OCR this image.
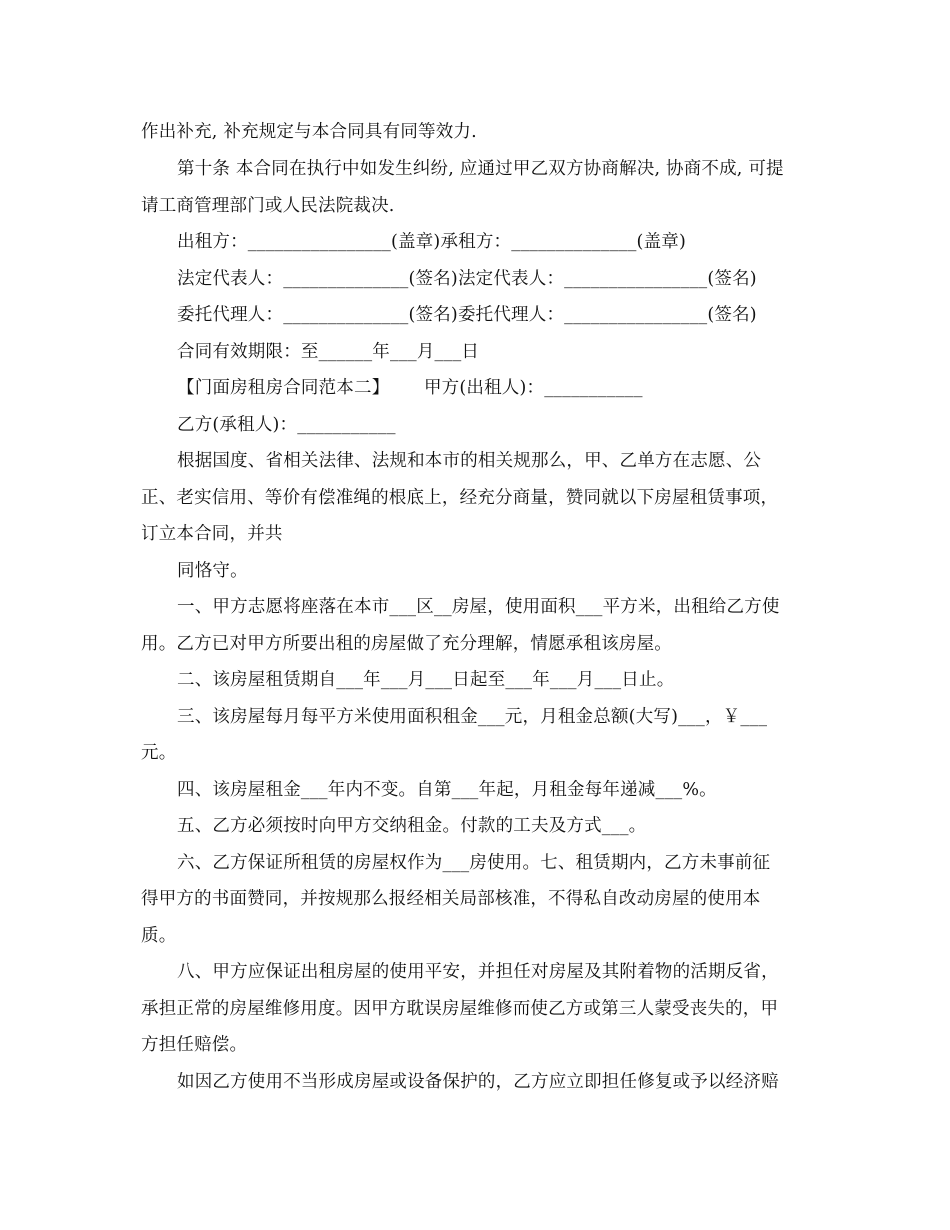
作出补充, 补充规定与本合同具有同等效力.
第十条 本合同在执行中如发生纠纷, 应通过甲乙双方协商解决, 协商不成, 可提
请工商管理部门或人民法院裁决.
出租方：________________(盖章)承租方：______________(盖章)
法定代表人：______________(签名)法定代表人：________________(签名)
委托代理人：______________(签名)委托代理人：________________(签名)
合同有效期限：至______年___月___日
【门面房租房合同范本二】      甲方(出租人)：___________
乙方(承租人)：___________
根据国度、省相关法律、法规和本市的相关规那么，甲、乙单方在志愿、公
正、老实信用、等价有偿准绳的根底上，经充分商量，赞同就以下房屋租赁事项，
订立本合同，并共
同恪守。
一、甲方志愿将座落在本市___区__房屋，使用面积___平方米，出租给乙方使
用。乙方已对甲方所要出租的房屋做了充分理解，情愿承租该房屋。
二、该房屋租赁期自___年___月___日起至___年___月___日止。
三、该房屋每月每平方米使用面积租金___元，月租金总额(大写)___，￥___
元。
四、该房屋租金___年内不变。自第___年起，月租金每年递减___%。
五、乙方必须按时向甲方交纳租金。付款的工夫及方式___。
六、乙方保证所租赁的房屋权作为___房使用。七、租赁期内，乙方未事前征
得甲方的书面赞同，并按规那么报经相关局部核准，不得私自改动房屋的使用本
质。
八、甲方应保证出租房屋的使用平安，并担任对房屋及其附着物的活期反省，
承担正常的房屋维修用度。因甲方耽误房屋维修而使乙方或第三人蒙受丧失的，甲
方担任赔偿。
如因乙方使用不当形成房屋或设备保护的，乙方应立即担任修复或予以经济赔
